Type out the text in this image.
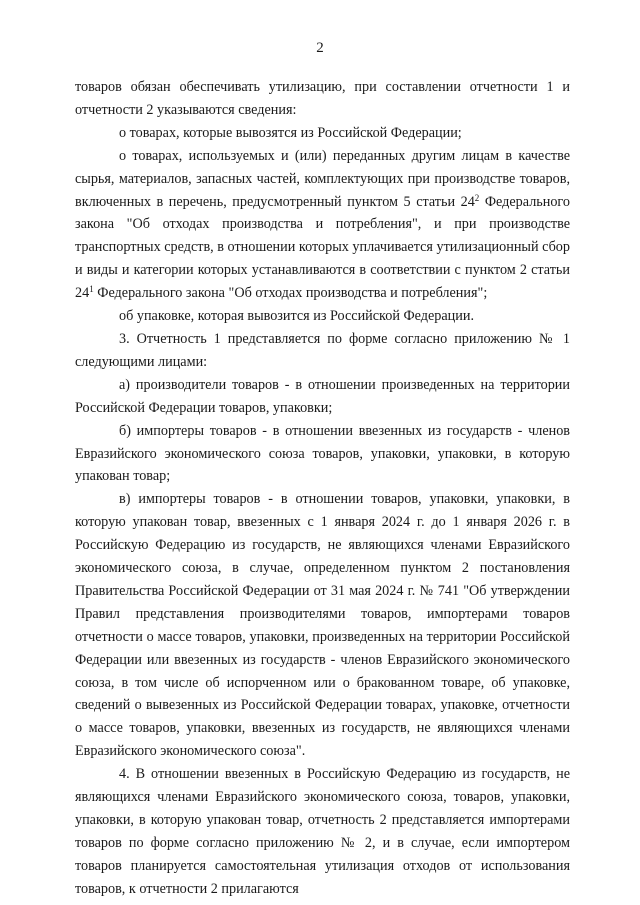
2

товаров обязан обеспечивать утилизацию, при составлении отчетности 1 и отчетности 2 указываются сведения:

о товарах, которые вывозятся из Российской Федерации;

о товарах, используемых и (или) переданных другим лицам в качестве сырья, материалов, запасных частей, комплектующих при производстве товаров, включенных в перечень, предусмотренный пунктом 5 статьи $24^2$ Федерального закона "Об отходах производства и потребления", и при производстве транспортных средств, в отношении которых уплачивается утилизационный сбор и виды и категории которых устанавливаются в соответствии с пунктом 2 статьи $24^1$ Федерального закона "Об отходах производства и потребления";

об упаковке, которая вывозится из Российской Федерации.

3. Отчетность 1 представляется по форме согласно приложению № 1 следующими лицами:

а) производители товаров - в отношении произведенных на территории Российской Федерации товаров, упаковки;

б) импортеры товаров - в отношении ввезенных из государств - членов Евразийского экономического союза товаров, упаковки, упаковки, в которую упакован товар;

в) импортеры товаров - в отношении товаров, упаковки, упаковки, в которую упакован товар, ввезенных с 1 января 2024 г. до 1 января 2026 г. в Российскую Федерацию из государств, не являющихся членами Евразийского экономического союза, в случае, определенном пунктом 2 постановления Правительства Российской Федерации от 31 мая 2024 г. № 741 "Об утверждении Правил представления производителями товаров, импортерами товаров отчетности о массе товаров, упаковки, произведенных на территории Российской Федерации или ввезенных из государств - членов Евразийского экономического союза, в том числе об испорченном или о бракованном товаре, об упаковке, сведений о вывезенных из Российской Федерации товарах, упаковке, отчетности о массе товаров, упаковки, ввезенных из государств, не являющихся членами Евразийского экономического союза".

4. В отношении ввезенных в Российскую Федерацию из государств, не являющихся членами Евразийского экономического союза, товаров, упаковки, упаковки, в которую упакован товар, отчетность 2 представляется импортерами товаров по форме согласно приложению № 2, и в случае, если импортером товаров планируется самостоятельная утилизация отходов от использования товаров, к отчетности 2 прилагаются
